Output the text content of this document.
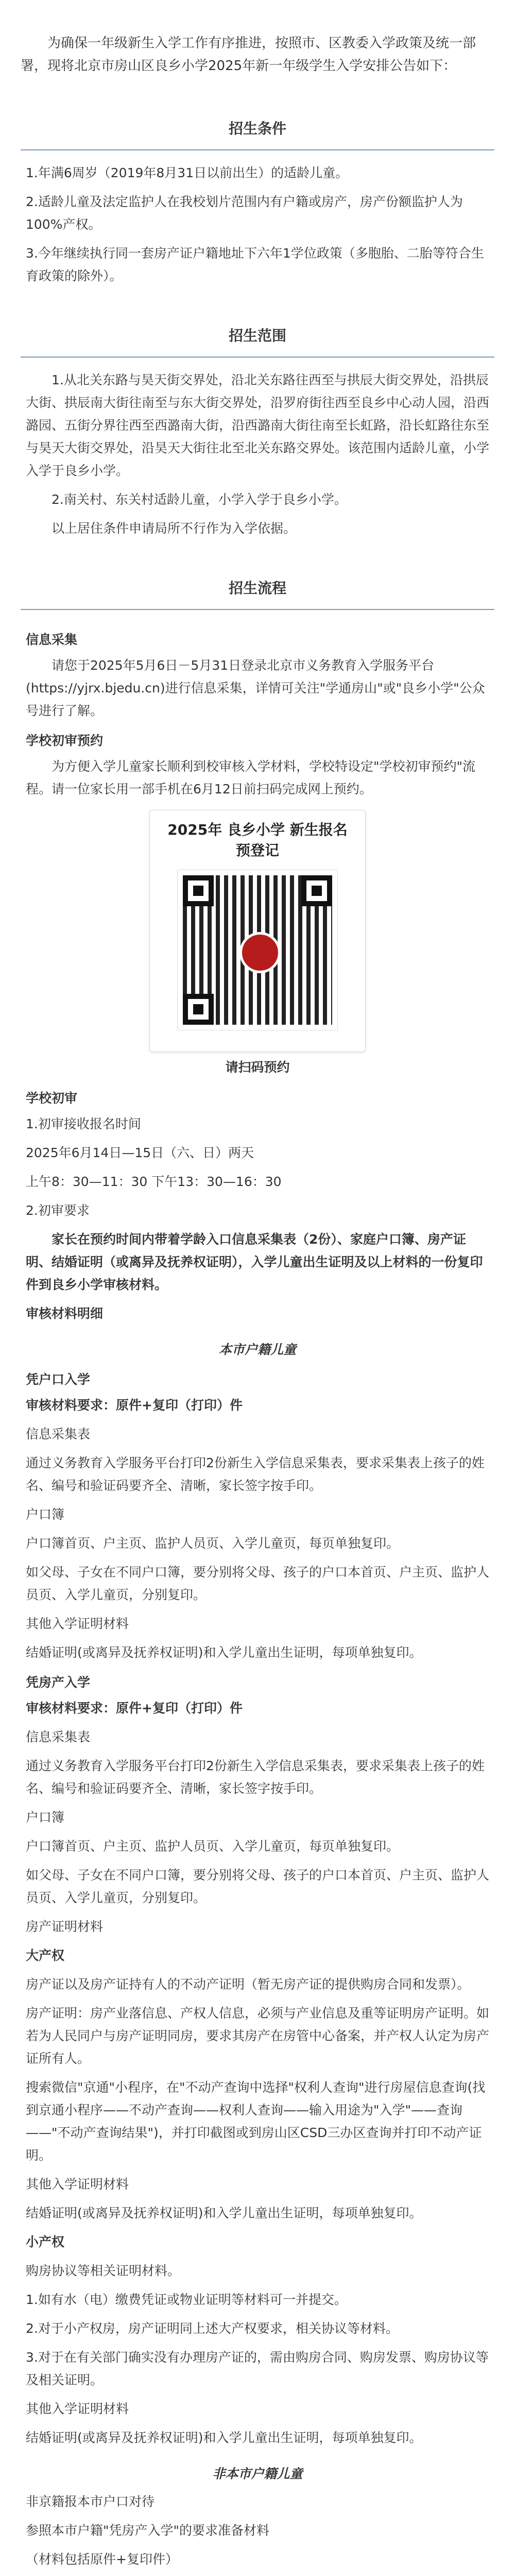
为确保一年级新生入学工作有序推进，按照市、区教委入学政策及统一部署，现将北京市房山区良乡小学2025年新一年级学生入学安排公告如下：

招生条件

1.年满6周岁（2019年8月31日以前出生）的适龄儿童。

2.适龄儿童及法定监护人在我校划片范围内有户籍或房产，房产份额监护人为100%产权。

3.今年继续执行同一套房产证户籍地址下六年1学位政策（多胞胎、二胎等符合生育政策的除外）。

招生范围

1.从北关东路与昊天街交界处，沿北关东路往西至与拱辰大街交界处，沿拱辰大街、拱辰南大街往南至与东大街交界处，沿罗府街往西至良乡中心动人园，沿西潞园、五街分界往西至西潞南大街，沿西潞南大街往南至长虹路，沿长虹路往东至与昊天大街交界处，沿昊天大街往北至北关东路交界处。该范围内适龄儿童，小学入学于良乡小学。

2.南关村、东关村适龄儿童，小学入学于良乡小学。

以上居住条件申请局所不行作为入学依据。

招生流程
信息采集

请您于2025年5月6日－5月31日登录北京市义务教育入学服务平台(https://yjrx.bjedu.cn)进行信息采集，详情可关注"学通房山"或"良乡小学"公众号进行了解。

学校初审预约

为方便入学儿童家长顺利到校审核入学材料，学校特设定"学校初审预约"流程。请一位家长用一部手机在6月12日前扫码完成网上预约。

2025年 良乡小学 新生报名
预登记
请扫码预约
学校初审

1.初审接收报名时间

2025年6月14日—15日（六、日）两天

上午8：30—11：30 下午13：30—16：30

2.初审要求

家长在预约时间内带着学龄入口信息采集表（2份）、家庭户口簿、房产证明、结婚证明（或离异及抚养权证明），入学儿童出生证明及以上材料的一份复印件到良乡小学审核材料。

审核材料明细

本市户籍儿童
凭户口入学

审核材料要求：原件+复印（打印）件

信息采集表

通过义务教育入学服务平台打印2份新生入学信息采集表，要求采集表上孩子的姓名、编号和验证码要齐全、清晰，家长签字按手印。

户口簿

户口簿首页、户主页、监护人员页、入学儿童页，每页单独复印。

如父母、子女在不同户口簿，要分别将父母、孩子的户口本首页、户主页、监护人员页、入学儿童页，分别复印。

其他入学证明材料

结婚证明(或离异及抚养权证明)和入学儿童出生证明，每项单独复印。

凭房产入学

审核材料要求：原件+复印（打印）件

信息采集表

通过义务教育入学服务平台打印2份新生入学信息采集表，要求采集表上孩子的姓名、编号和验证码要齐全、清晰，家长签字按手印。

户口簿

户口簿首页、户主页、监护人员页、入学儿童页，每页单独复印。

如父母、子女在不同户口簿，要分别将父母、孩子的户口本首页、户主页、监护人员页、入学儿童页，分别复印。

房产证明材料

大产权

房产证以及房产证持有人的不动产证明（暂无房产证的提供购房合同和发票）。

房产证明：房产业落信息、产权人信息，必须与产业信息及重等证明房产证明。如若为人民同户与房产证明同房，要求其房产在房管中心备案，并产权人认定为房产证所有人。

搜索微信"京通"小程序，在"不动产查询中选择"权利人查询"进行房屋信息查询(找到京通小程序——不动产查询——权利人查询——输入用途为"入学"——查询——"不动产查询结果")，并打印截图或到房山区CSD三办区查询并打印不动产证明。

其他入学证明材料

结婚证明(或离异及抚养权证明)和入学儿童出生证明，每项单独复印。

小产权

购房协议等相关证明材料。

1.如有水（电）缴费凭证或物业证明等材料可一并提交。

2.对于小产权房，房产证明同上述大产权要求，相关协议等材料。

3.对于在有关部门确实没有办理房产证的，需由购房合同、购房发票、购房协议等及相关证明。

其他入学证明材料

结婚证明(或离异及抚养权证明)和入学儿童出生证明，每项单独复印。

非本市户籍儿童

非京籍报本市户口对待

参照本市户籍"凭房产入学"的要求准备材料

（材料包括原件+复印件）
